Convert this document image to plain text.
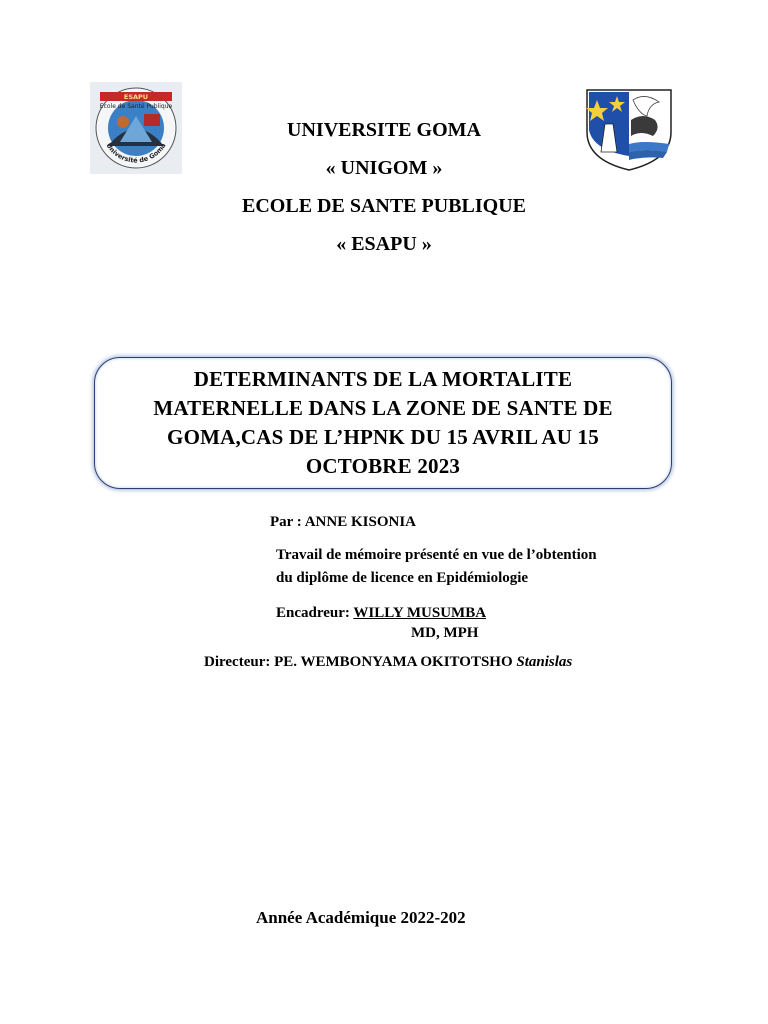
ESAPU
Ecole de Santé Publique
Université de Goma
UNIVERSITE GOMA
« UNIGOM »
ECOLE DE SANTE PUBLIQUE
« ESAPU »
DETERMINANTS DE LA MORTALITE MATERNELLE DANS LA ZONE DE SANTE DE GOMA,CAS DE L’HPNK DU 15 AVRIL AU 15 OCTOBRE 2023
Par : ANNE KISONIA
Travail de mémoire présenté en vue de l’obtention
du diplôme de licence en Epidémiologie
Encadreur: WILLY MUSUMBA
MD, MPH
Directeur: PE. WEMBONYAMA OKITOTSHO Stanislas
Année Académique 2022-202
